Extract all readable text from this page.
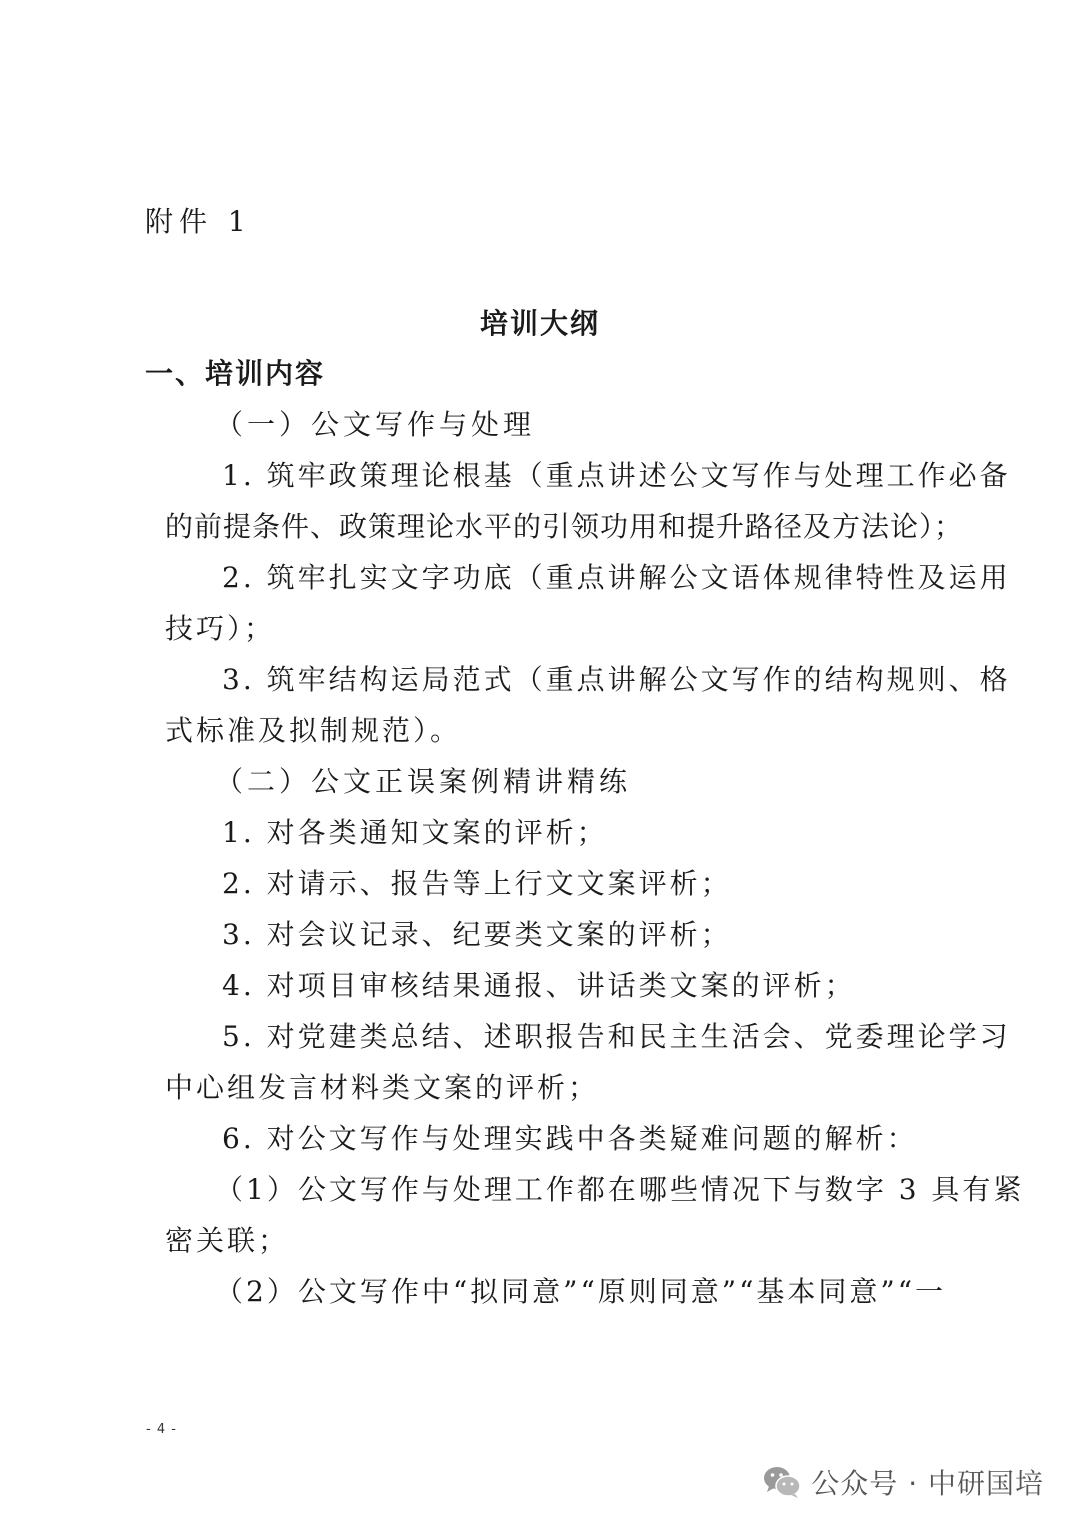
附件 1
培训大纲
一、培训内容
（一）公文写作与处理
1. 筑牢政策理论根基（重点讲述公文写作与处理工作必备
的前提条件、政策理论水平的引领功用和提升路径及方法论）；
2. 筑牢扎实文字功底（重点讲解公文语体规律特性及运用
技巧）；
3. 筑牢结构运局范式（重点讲解公文写作的结构规则、格
式标准及拟制规范）。
（二）公文正误案例精讲精练
1. 对各类通知文案的评析；
2. 对请示、报告等上行文文案评析；
3. 对会议记录、纪要类文案的评析；
4. 对项目审核结果通报、讲话类文案的评析；
5. 对党建类总结、述职报告和民主生活会、党委理论学习
中心组发言材料类文案的评析；
6. 对公文写作与处理实践中各类疑难问题的解析：
（1）公文写作与处理工作都在哪些情况下与数字 3 具有紧
密关联；
（2）公文写作中“拟同意”“原则同意”“基本同意”“一
- 4 -
公众号 · 中研国培
